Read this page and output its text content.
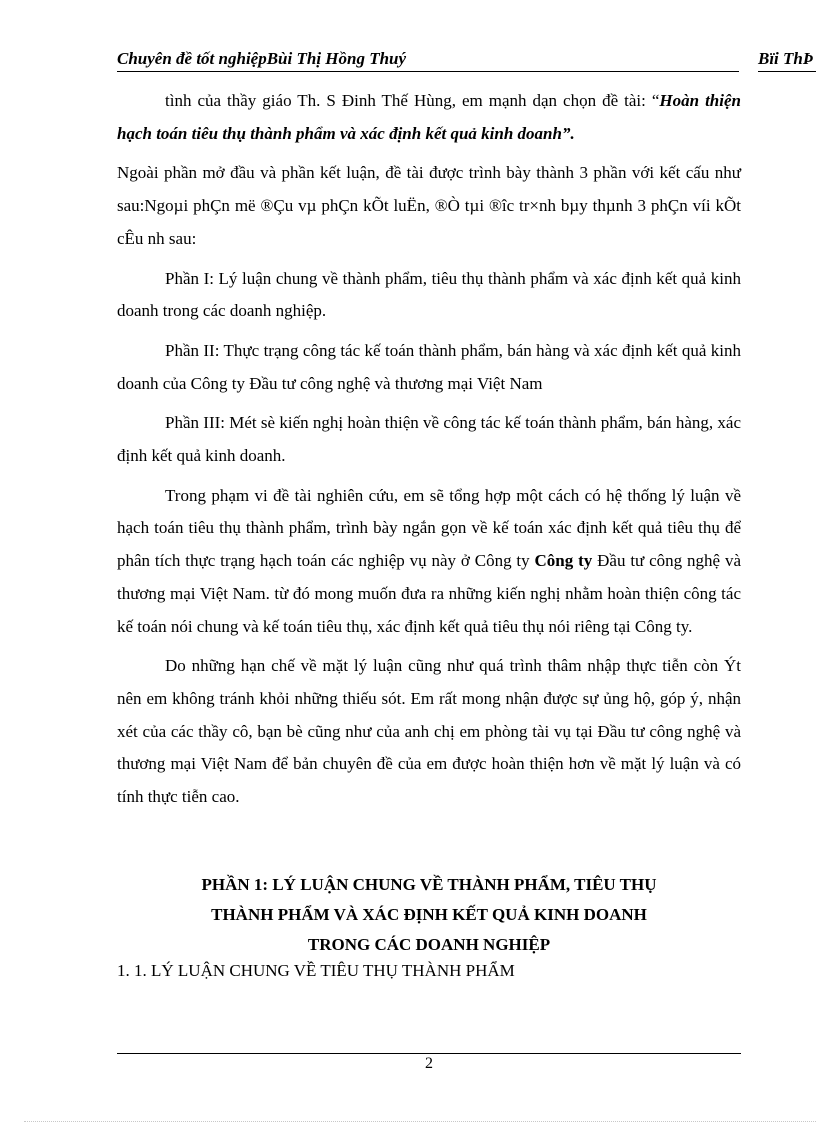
Chuyên đề tốt nghiệpBùi Thị Hồng Thuý	Bïi ThÞ

tình của thầy giáo Th. S Đinh Thế Hùng, em mạnh dạn chọn đề tài: “Hoàn thiện hạch toán tiêu thụ thành phẩm và xác định kết quả kinh doanh”.

Ngoài phần mở đầu và phần kết luận, đề tài được trình bày thành 3 phần với kết cấu như sau:Ngoµi phÇn më ®Çu vµ phÇn kÕt luËn, ®Ò tµi ®îc tr×nh bµy thµnh 3 phÇn víi kÕt cÊu nh sau:

Phần I: Lý luận chung về thành phẩm, tiêu thụ thành phẩm và xác định kết quả kinh doanh trong các doanh nghiệp.

Phần II: Thực trạng công tác kế toán thành phẩm, bán hàng và xác định kết quả kinh doanh của Công ty Đầu tư công nghệ và thương mại Việt Nam

Phần III: Mét sè kiến nghị hoàn thiện về công tác kế toán thành phẩm, bán hàng, xác định kết quả kinh doanh.

Trong phạm vi đề tài nghiên cứu, em sẽ tổng hợp một cách có hệ thống lý luận về hạch toán tiêu thụ thành phẩm, trình bày ngắn gọn về kế toán xác định kết quả tiêu thụ để phân tích thực trạng hạch toán các nghiệp vụ này ở Công ty Công ty Đầu tư công nghệ và thương mại Việt Nam. từ đó mong muốn đưa ra những kiến nghị nhằm hoàn thiện công tác kế toán nói chung và kế toán tiêu thụ, xác định kết quả tiêu thụ nói riêng tại Công ty.

Do những hạn chế về mặt lý luận cũng như quá trình thâm nhập thực tiễn còn Ýt nên em không tránh khỏi những thiếu sót. Em rất mong nhận được sự ủng hộ, góp ý, nhận xét của các thầy cô, bạn bè cũng như của anh chị em phòng tài vụ tại Đầu tư công nghệ và thương mại Việt Nam để bản chuyên đề của em được hoàn thiện hơn về mặt lý luận và có tính thực tiễn cao.

PHẦN 1: LÝ LUẬN CHUNG VỀ THÀNH PHẨM, TIÊU THỤ
THÀNH PHẨM VÀ XÁC ĐỊNH KẾT QUẢ KINH DOANH
TRONG CÁC DOANH NGHIỆP
1. 1. LÝ LUẬN CHUNG VỀ TIÊU THỤ THÀNH PHẨM
2
